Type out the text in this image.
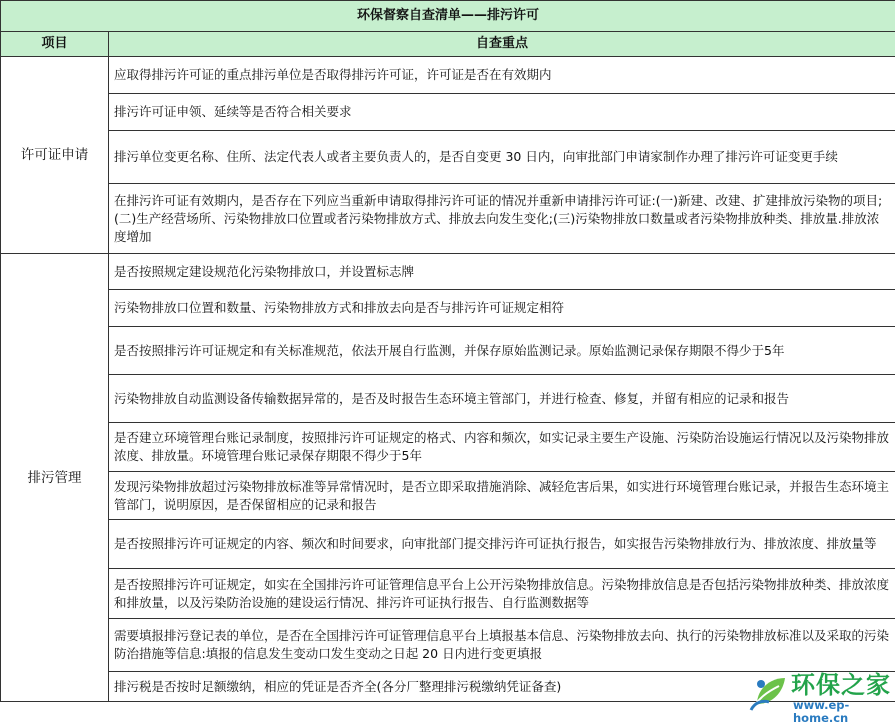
环保督察自查清单——排污许可	
项目	自查重点
许可证申请	应取得排污许可证的重点排污单位是否取得排污许可证，许可证是否在有效期内
	排污许可证申领、延续等是否符合相关要求
	排污单位变更名称、住所、法定代表人或者主要负责人的，是否自变更 30 日内，向审批部门申请家制作办理了排污许可证变更手续
	在排污许可证有效期内，是否存在下列应当重新申请取得排污许可证的情况并重新申请排污许可证:(一)新建、改建、扩建排放污染物的项目;(二)生产经营场所、污染物排放口位置或者污染物排放方式、排放去向发生变化;(三)污染物排放口数量或者污染物排放种类、排放量.排放浓度增加
排污管理	是否按照规定建设规范化污染物排放口，并设置标志牌
	污染物排放口位置和数量、污染物排放方式和排放去向是否与排污许可证规定相符
	是否按照排污许可证规定和有关标准规范，依法开展自行监测，并保存原始监测记录。原始监测记录保存期限不得少于5年
	污染物排放自动监测设备传输数据异常的，是否及时报告生态环境主管部门，并进行检查、修复，并留有相应的记录和报告
	是否建立环境管理台账记录制度，按照排污许可证规定的格式、内容和频次，如实记录主要生产设施、污染防治设施运行情况以及污染物排放浓度、排放量。环境管理台账记录保存期限不得少于5年
	发现污染物排放超过污染物排放标准等异常情况时，是否立即采取措施消除、减轻危害后果，如实进行环境管理台账记录，并报告生态环境主管部门，说明原因，是否保留相应的记录和报告
	是否按照排污许可证规定的内容、频次和时间要求，向审批部门提交排污许可证执行报告，如实报告污染物排放行为、排放浓度、排放量等
	是否按照排污许可证规定，如实在全国排污许可证管理信息平台上公开污染物排放信息。污染物排放信息是否包括污染物排放种类、排放浓度和排放量，以及污染防治设施的建设运行情况、排污许可证执行报告、自行监测数据等
	需要填报排污登记表的单位，是否在全国排污许可证管理信息平台上填报基本信息、污染物排放去向、执行的污染物排放标准以及采取的污染防治措施等信息:填报的信息发生变动口发生变动之日起 20 日内进行变更填报
	排污税是否按时足额缴纳，相应的凭证是否齐全(各分厂整理排污税缴纳凭证备查)	环保之家
www.ep-home.cn
